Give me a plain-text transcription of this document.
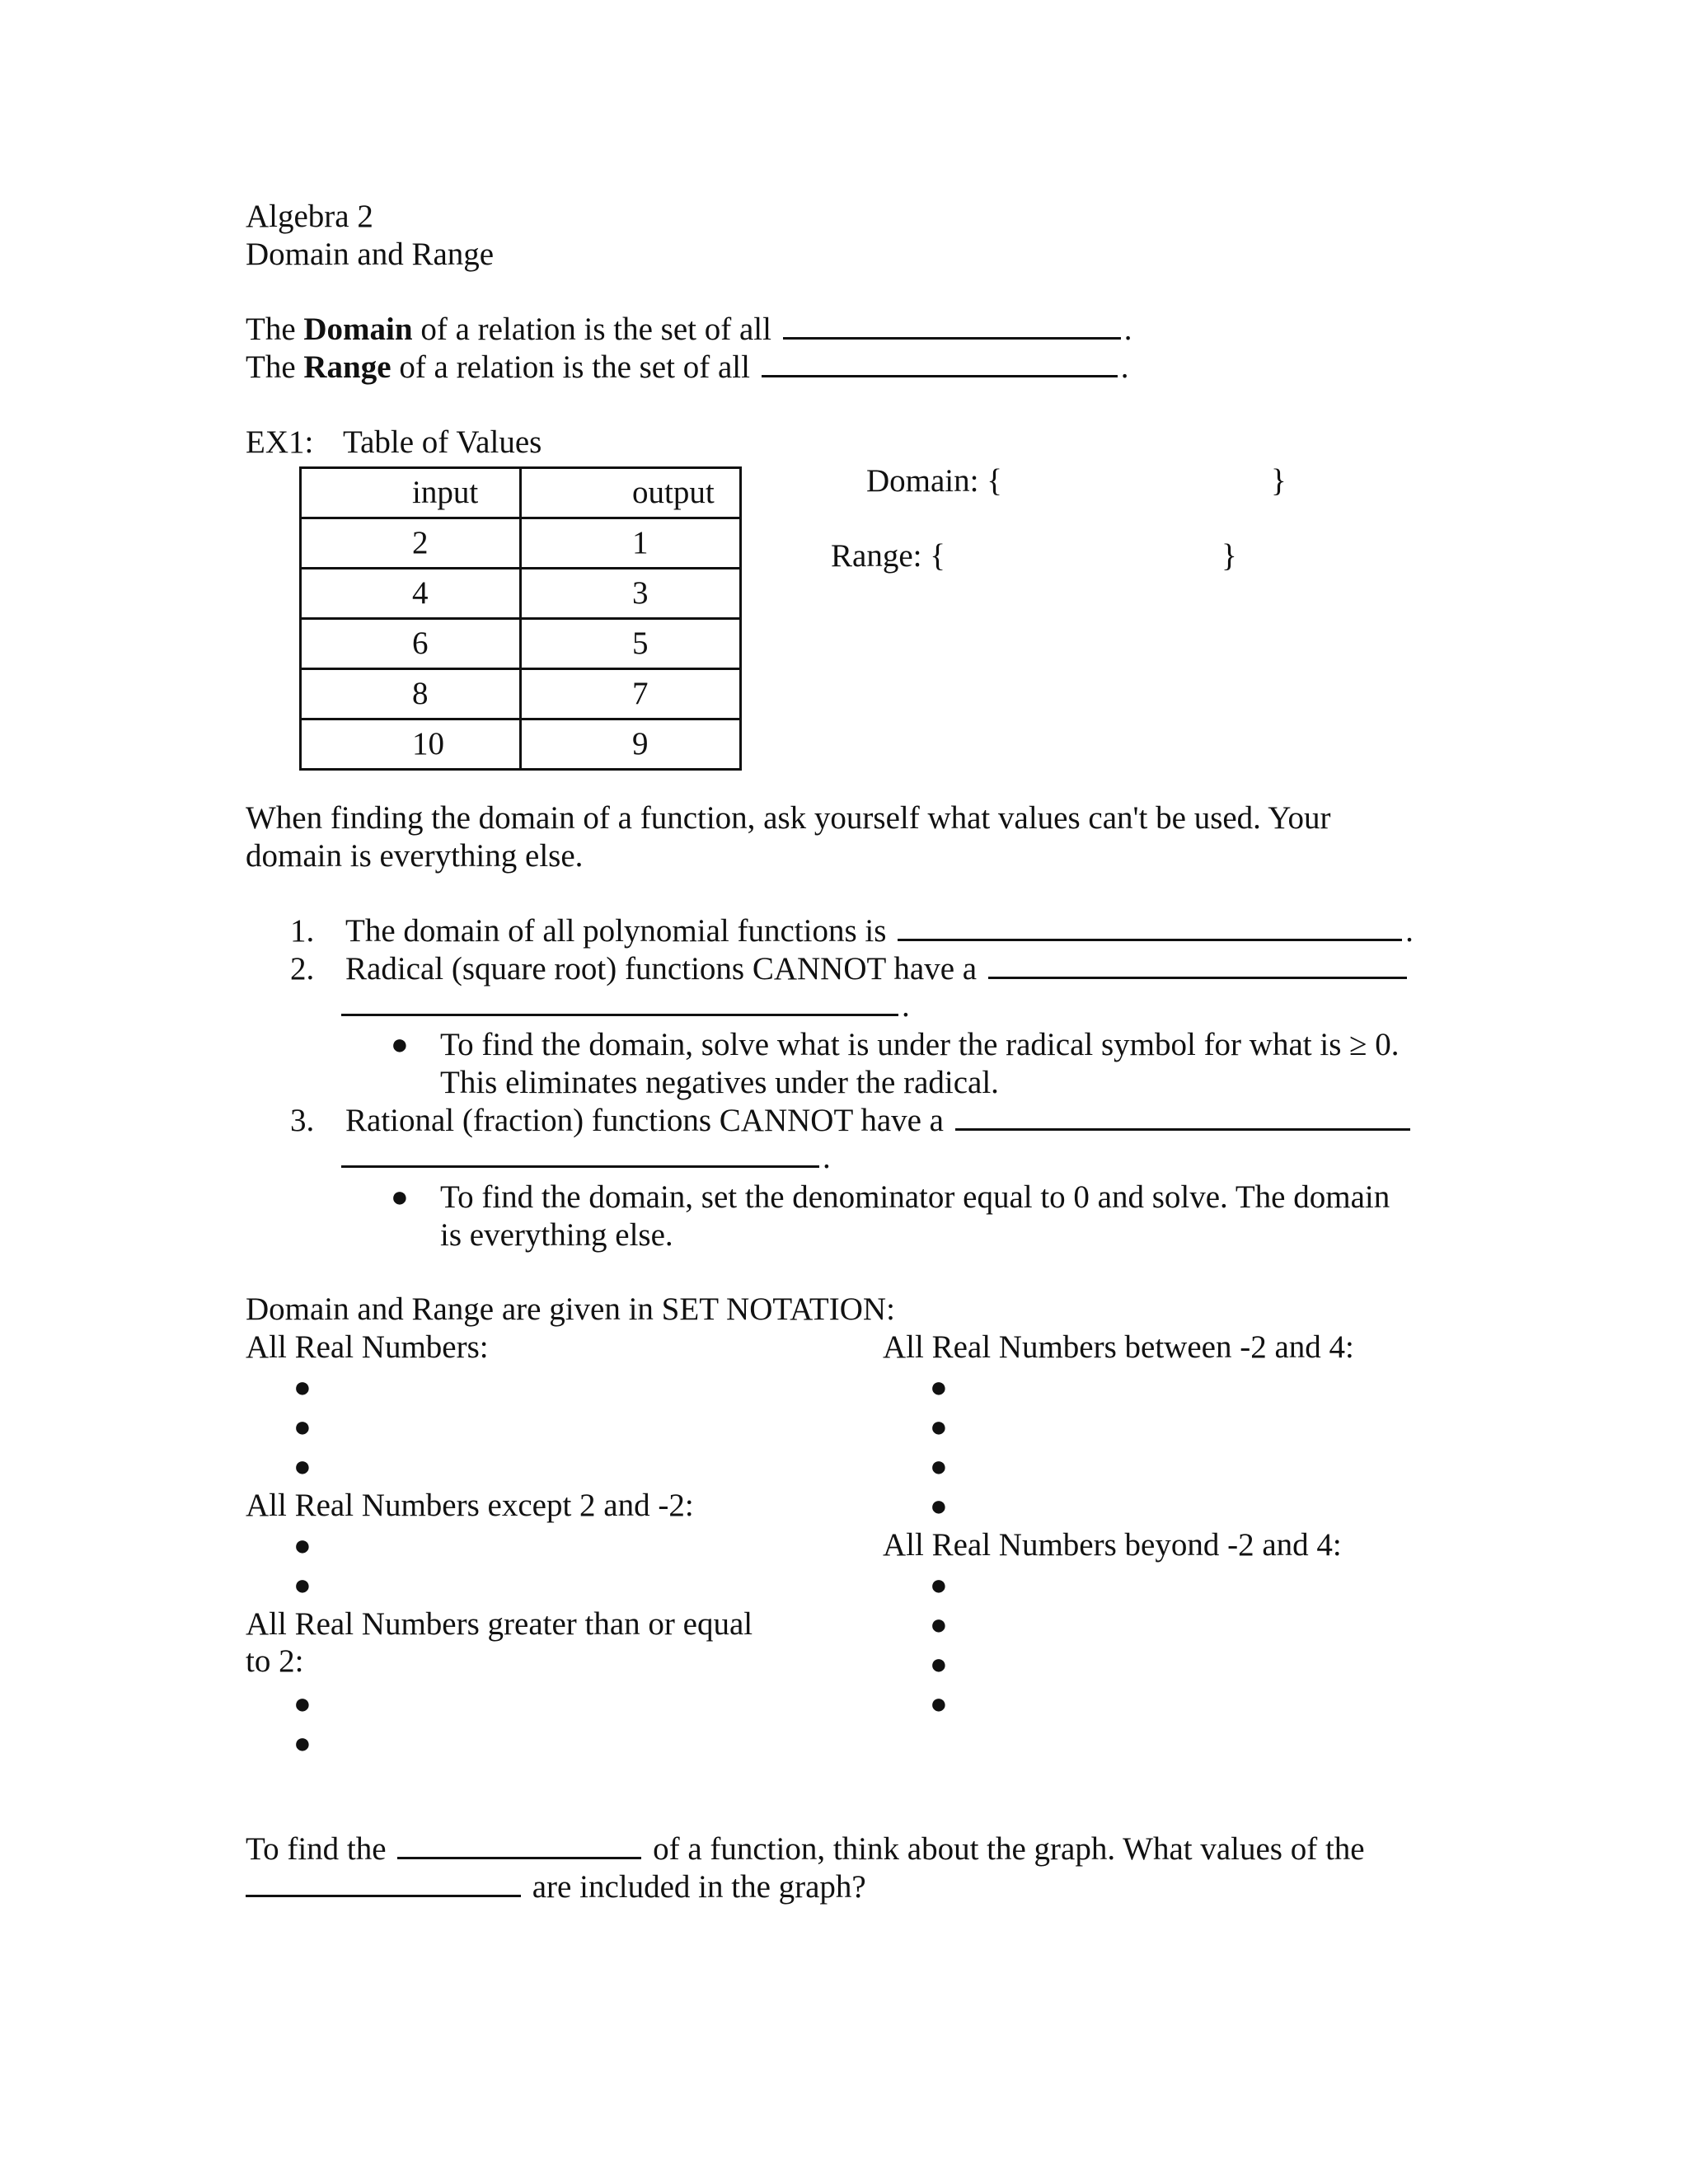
Algebra 2
Domain and Range
The Domain of a relation is the set of all	.
The Range of a relation is the set of all	.
EX1: Table of Values
input	output
2	1
4	3
6	5
8	7
10	9
Domain: {	}
Range: {	}
When finding the domain of a function, ask yourself what values can't be used. Your
domain is everything else.
1. The domain of all polynomial functions is	.
2. Radical (square root) functions CANNOT have a
.
● To find the domain, solve what is under the radical symbol for what is ≥ 0.
This eliminates negatives under the radical.
3. Rational (fraction) functions CANNOT have a
.
● To find the domain, set the denominator equal to 0 and solve. The domain
is everything else.
Domain and Range are given in SET NOTATION:
All Real Numbers:
●
●
●
All Real Numbers except 2 and -2:
●
●
All Real Numbers greater than or equal
to 2:
●
●
All Real Numbers between -2 and 4:
●
●
●
●
All Real Numbers beyond -2 and 4:
●
●
●
●
To find the	of a function, think about the graph. What values of the
are included in the graph?
